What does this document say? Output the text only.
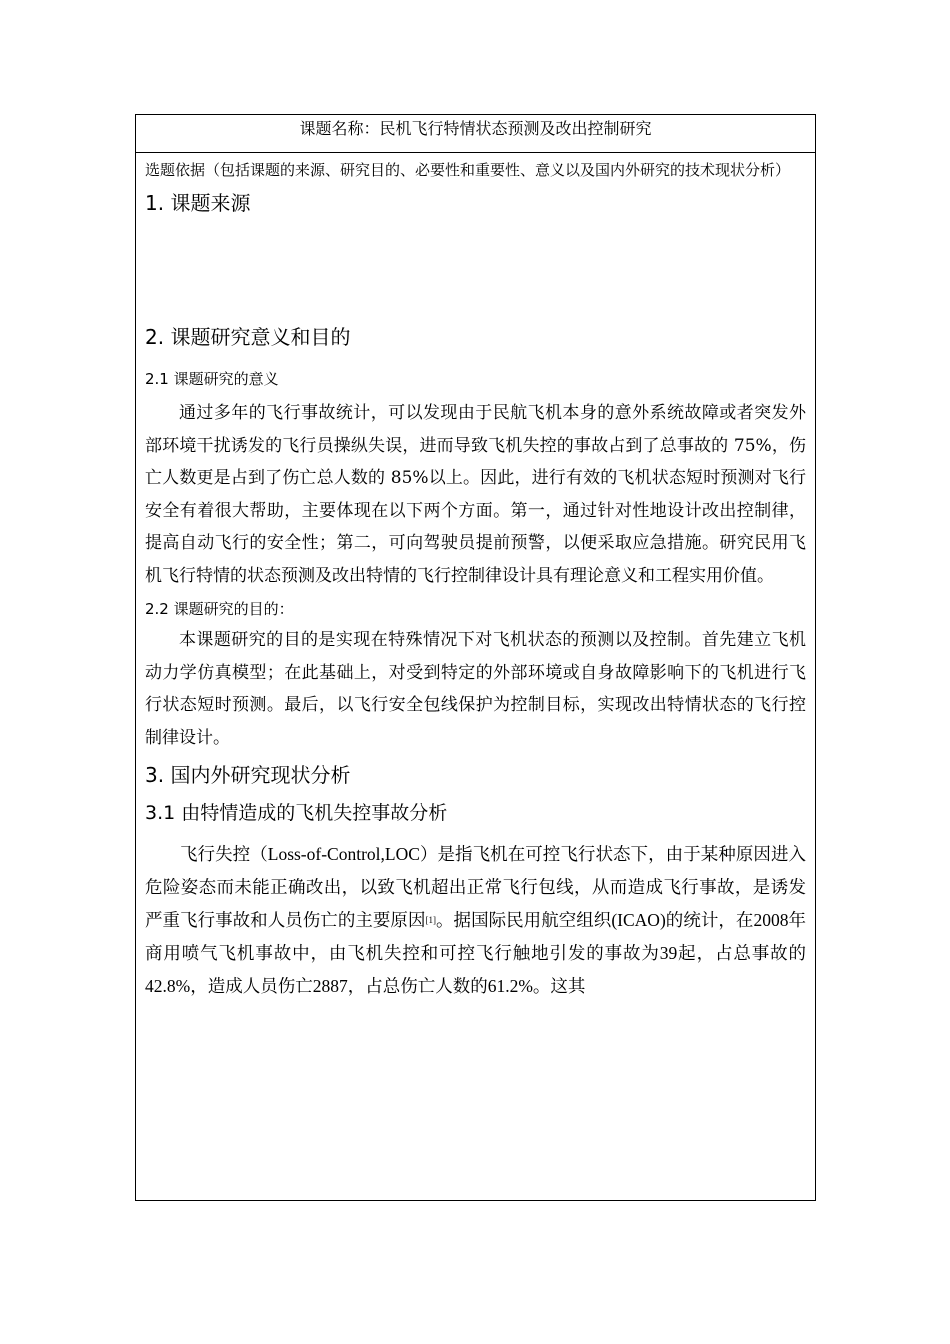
课题名称：民机飞行特情状态预测及改出控制研究
选题依据（包括课题的来源、研究目的、必要性和重要性、意义以及国内外研究的技术现状分析）
1. 课题来源
2. 课题研究意义和目的
2.1 课题研究的意义

通过多年的飞行事故统计，可以发现由于民航飞机本身的意外系统故障或者突发外部环境干扰诱发的飞行员操纵失误，进而导致飞机失控的事故占到了总事故的 75%，伤亡人数更是占到了伤亡总人数的 85%以上。因此，进行有效的飞机状态短时预测对飞行安全有着很大帮助，主要体现在以下两个方面。第一，通过针对性地设计改出控制律，提高自动飞行的安全性；第二，可向驾驶员提前预警，以便采取应急措施。研究民用飞机飞行特情的状态预测及改出特情的飞行控制律设计具有理论意义和工程实用价值。

2.2 课题研究的目的：

本课题研究的目的是实现在特殊情况下对飞机状态的预测以及控制。首先建立飞机动力学仿真模型；在此基础上，对受到特定的外部环境或自身故障影响下的飞机进行飞行状态短时预测。最后，以飞行安全包线保护为控制目标，实现改出特情状态的飞行控制律设计。

3. 国内外研究现状分析
3.1 由特情造成的飞机失控事故分析

飞行失控（Loss-of-Control,LOC）是指飞机在可控飞行状态下，由于某种原因进入危险姿态而未能正确改出，以致飞机超出正常飞行包线，从而造成飞行事故，是诱发严重飞行事故和人员伤亡的主要原因[1]。据国际民用航空组织(ICAO)的统计，在2008年商用喷气飞机事故中，由飞机失控和可控飞行触地引发的事故为39起，占总事故的42.8%，造成人员伤亡2887，占总伤亡人数的61.2%。这其
